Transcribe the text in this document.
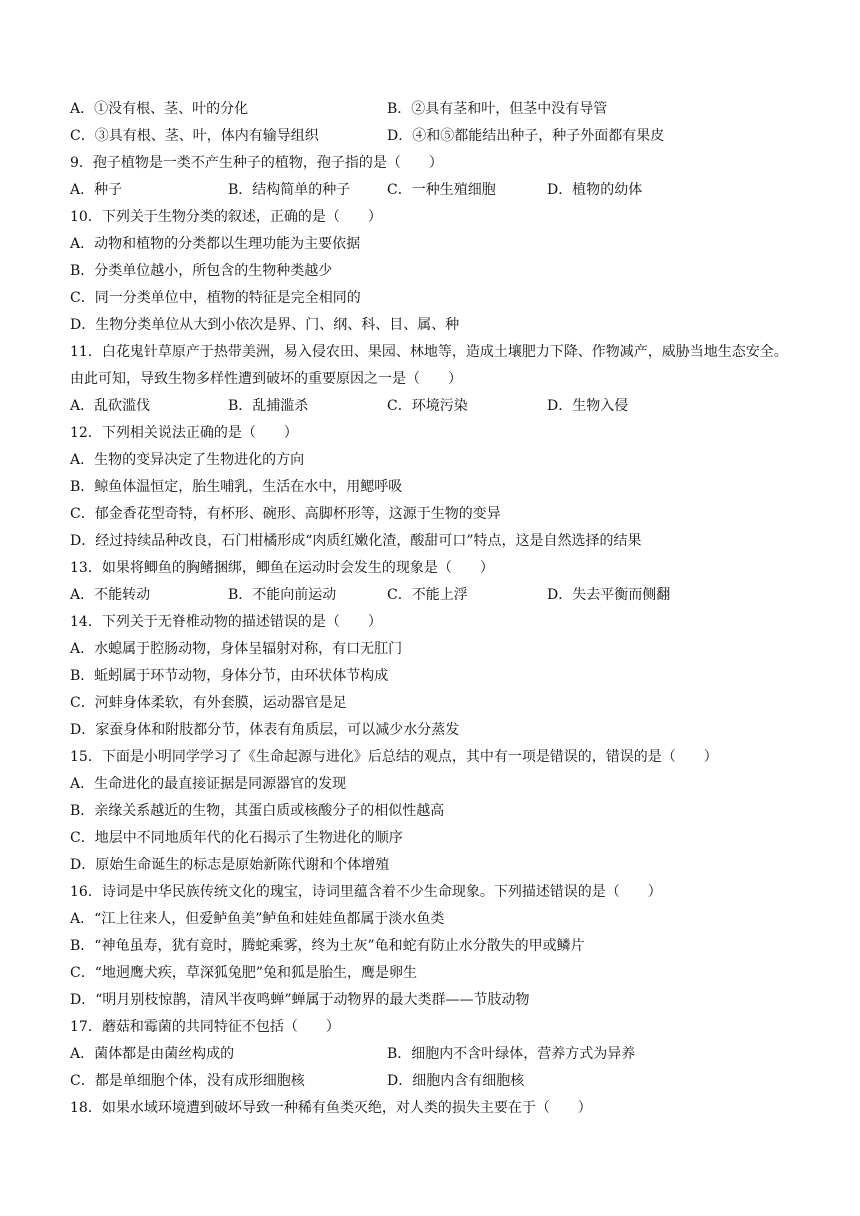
A．①没有根、茎、叶的分化	B．②具有茎和叶，但茎中没有导管
C．③具有根、茎、叶，体内有输导组织	D．④和⑤都能结出种子，种子外面都有果皮
9．孢子植物是一类不产生种子的植物，孢子指的是（　　）
A．种子	B．结构简单的种子	C．一种生殖细胞	D．植物的幼体
10．下列关于生物分类的叙述，正确的是（　　）
A．动物和植物的分类都以生理功能为主要依据
B．分类单位越小，所包含的生物种类越少
C．同一分类单位中，植物的特征是完全相同的
D．生物分类单位从大到小依次是界、门、纲、科、目、属、种
11．白花鬼针草原产于热带美洲，易入侵农田、果园、林地等，造成土壤肥力下降、作物减产，威胁当地生态安全。由此可知，导致生物多样性遭到破坏的重要原因之一是（　　）
A．乱砍滥伐	B．乱捕滥杀	C．环境污染	D．生物入侵
12．下列相关说法正确的是（　　）
A．生物的变异决定了生物进化的方向
B．鲸鱼体温恒定，胎生哺乳，生活在水中，用鳃呼吸
C．郁金香花型奇特，有杯形、碗形、高脚杯形等，这源于生物的变异
D．经过持续品种改良，石门柑橘形成“肉质红嫩化渣，酸甜可口”特点，这是自然选择的结果
13．如果将鲫鱼的胸鳍捆绑，鲫鱼在运动时会发生的现象是（　　）
A．不能转动	B．不能向前运动	C．不能上浮	D．失去平衡而侧翻
14．下列关于无脊椎动物的描述错误的是（　　）
A．水螅属于腔肠动物，身体呈辐射对称，有口无肛门
B．蚯蚓属于环节动物，身体分节，由环状体节构成
C．河蚌身体柔软，有外套膜，运动器官是足
D．家蚕身体和附肢都分节，体表有角质层，可以减少水分蒸发
15．下面是小明同学学习了《生命起源与进化》后总结的观点，其中有一项是错误的，错误的是（　　）
A．生命进化的最直接证据是同源器官的发现
B．亲缘关系越近的生物，其蛋白质或核酸分子的相似性越高
C．地层中不同地质年代的化石揭示了生物进化的顺序
D．原始生命诞生的标志是原始新陈代谢和个体增殖
16．诗词是中华民族传统文化的瑰宝，诗词里蕴含着不少生命现象。下列描述错误的是（　　）
A．“江上往来人，但爱鲈鱼美”鲈鱼和娃娃鱼都属于淡水鱼类
B．“神龟虽寿，犹有竟时，腾蛇乘雾，终为土灰”龟和蛇有防止水分散失的甲或鳞片
C．“地迥鹰犬疾，草深狐兔肥”兔和狐是胎生，鹰是卵生
D．“明月别枝惊鹊，清风半夜鸣蝉”蝉属于动物界的最大类群——节肢动物
17．蘑菇和霉菌的共同特征不包括（　　）
A．菌体都是由菌丝构成的	B．细胞内不含叶绿体，营养方式为异养
C．都是单细胞个体，没有成形细胞核	D．细胞内含有细胞核
18．如果水域环境遭到破坏导致一种稀有鱼类灭绝，对人类的损失主要在于（　　）
